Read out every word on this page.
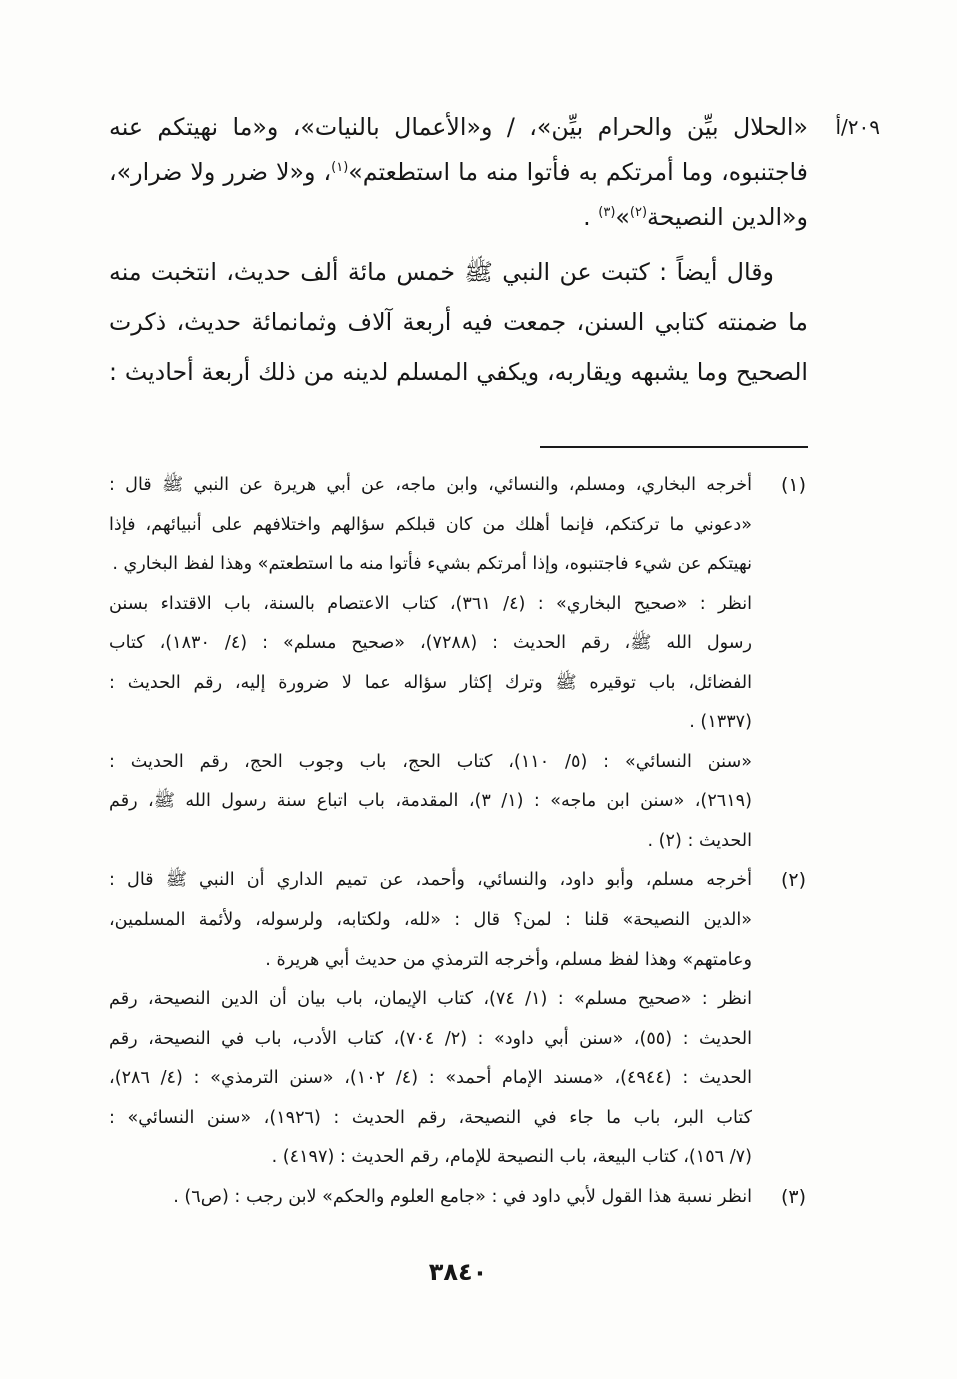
٢٠٩/أ
«الحلال بيِّن والحرام بيِّن»، / و«الأعمال بالنيات»، و«ما نهيتكم عنه
فاجتنبوه، وما أمرتكم به فأتوا منه ما استطعتم»$^{(١)}$، و«لا ضرر ولا ضرار»،
و«الدين النصيحة$^{(٢)}$»$^{(٣)}$ .
وقال أيضاً : كتبت عن النبي ﷺ خمس مائة ألف حديث، انتخبت منه
ما ضمنته كتابي السنن، جمعت فيه أربعة آلاف وثمانمائة حديث، ذكرت
الصحيح وما يشبهه ويقاربه، ويكفي المسلم لدينه من ذلك أربعة أحاديث :
(١)
أخرجه البخاري، ومسلم، والنسائي، وابن ماجه، عن أبي هريرة عن النبي ﷺ قال :
«دعوني ما تركتكم، فإنما أهلك من كان قبلكم سؤالهم واختلافهم على أنبيائهم، فإذا
نهيتكم عن شيء فاجتنبوه، وإذا أمرتكم بشيء فأتوا منه ما استطعتم» وهذا لفظ البخاري .
انظر : «صحيح البخاري» : (٤/ ٣٦١)، كتاب الاعتصام بالسنة، باب الاقتداء بسنن
رسول الله ﷺ، رقم الحديث : (٧٢٨٨)، «صحيح مسلم» : (٤/ ١٨٣٠)، كتاب
الفضائل، باب توقيره ﷺ وترك إكثار سؤاله عما لا ضرورة إليه، رقم الحديث :
(١٣٣٧) .
«سنن النسائي» : (٥/ ١١٠)، كتاب الحج، باب وجوب الحج، رقم الحديث :
(٢٦١٩)، «سنن ابن ماجه» : (١/ ٣)، المقدمة، باب اتباع سنة رسول الله ﷺ، رقم
الحديث : (٢) .
(٢)
أخرجه مسلم، وأبو داود، والنسائي، وأحمد، عن تميم الداري أن النبي ﷺ قال :
«الدين النصيحة» قلنا : لمن؟ قال : «لله، ولكتابه، ولرسوله، ولأئمة المسلمين،
وعامتهم» وهذا لفظ مسلم، وأخرجه الترمذي من حديث أبي هريرة .
انظر : «صحيح مسلم» : (١/ ٧٤)، كتاب الإيمان، باب بيان أن الدين النصيحة، رقم
الحديث : (٥٥)، «سنن أبي داود» : (٢/ ٧٠٤)، كتاب الأدب، باب في النصيحة، رقم
الحديث : (٤٩٤٤)، «مسند الإمام أحمد» : (٤/ ١٠٢)، «سنن الترمذي» : (٤/ ٢٨٦)،
كتاب البر، باب ما جاء في النصيحة، رقم الحديث : (١٩٢٦)، «سنن النسائي» :
(٧/ ١٥٦)، كتاب البيعة، باب النصيحة للإمام، رقم الحديث : (٤١٩٧) .
(٣)
انظر نسبة هذا القول لأبي داود في : «جامع العلوم والحكم» لابن رجب : (ص٦) .
٣٨٤٠
